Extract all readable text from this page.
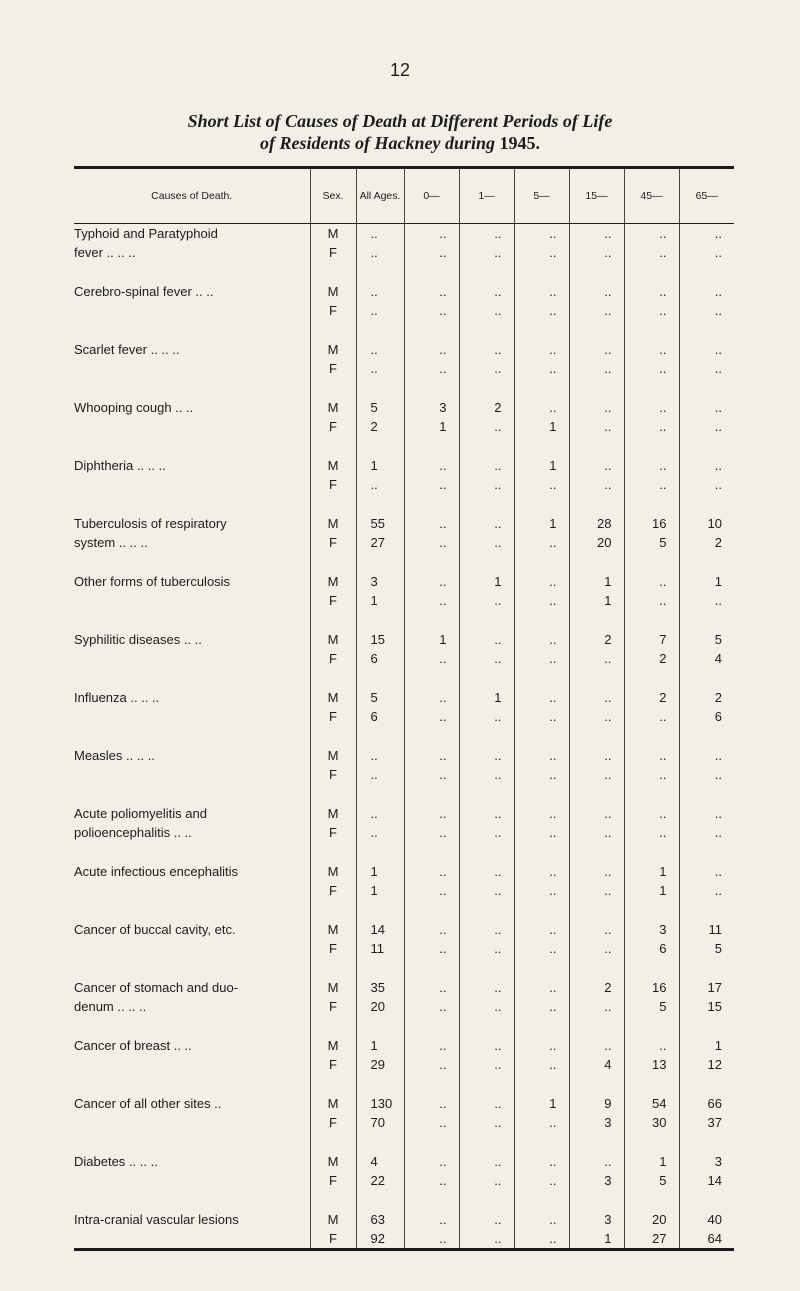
12
Short List of Causes of Death at Different Periods of Life
of Residents of Hackney during 1945.
Causes of Death.	Sex.	All Ages.	0—	1—	5—	15—	45—	65—
Typhoid and Paratyphoid	M	..	..	..	..	..	..	..
fever .. .. ..	F	..	..	..	..	..	..	..

Cerebro-spinal fever .. ..	M	..	..	..	..	..	..	..
	F	..	..	..	..	..	..	..

Scarlet fever .. .. ..	M	..	..	..	..	..	..	..
	F	..	..	..	..	..	..	..

Whooping cough .. ..	M	5	3	2	..	..	..	..
	F	2	1	..	1	..	..	..

Diphtheria .. .. ..	M	1	..	..	1	..	..	..
	F	..	..	..	..	..	..	..

Tuberculosis of respiratory	M	55	..	..	1	28	16	10
system .. .. ..	F	27	..	..	..	20	5	2

Other forms of tuberculosis	M	3	..	1	..	1	..	1
	F	1	..	..	..	1	..	..

Syphilitic diseases .. ..	M	15	1	..	..	2	7	5
	F	6	..	..	..	..	2	4

Influenza .. .. ..	M	5	..	1	..	..	2	2
	F	6	..	..	..	..	..	6

Measles .. .. ..	M	..	..	..	..	..	..	..
	F	..	..	..	..	..	..	..

Acute poliomyelitis and	M	..	..	..	..	..	..	..
polioencephalitis .. ..	F	..	..	..	..	..	..	..

Acute infectious encephalitis	M	1	..	..	..	..	1	..
	F	1	..	..	..	..	1	..

Cancer of buccal cavity, etc.	M	14	..	..	..	..	3	11
	F	11	..	..	..	..	6	5

Cancer of stomach and duo-	M	35	..	..	..	2	16	17
denum .. .. ..	F	20	..	..	..	..	5	15

Cancer of breast .. ..	M	1	..	..	..	..	..	1
	F	29	..	..	..	4	13	12

Cancer of all other sites ..	M	130	..	..	1	9	54	66
	F	70	..	..	..	3	30	37

Diabetes .. .. ..	M	4	..	..	..	..	1	3
	F	22	..	..	..	3	5	14

Intra-cranial vascular lesions	M	63	..	..	..	3	20	40
	F	92	..	..	..	1	27	64
